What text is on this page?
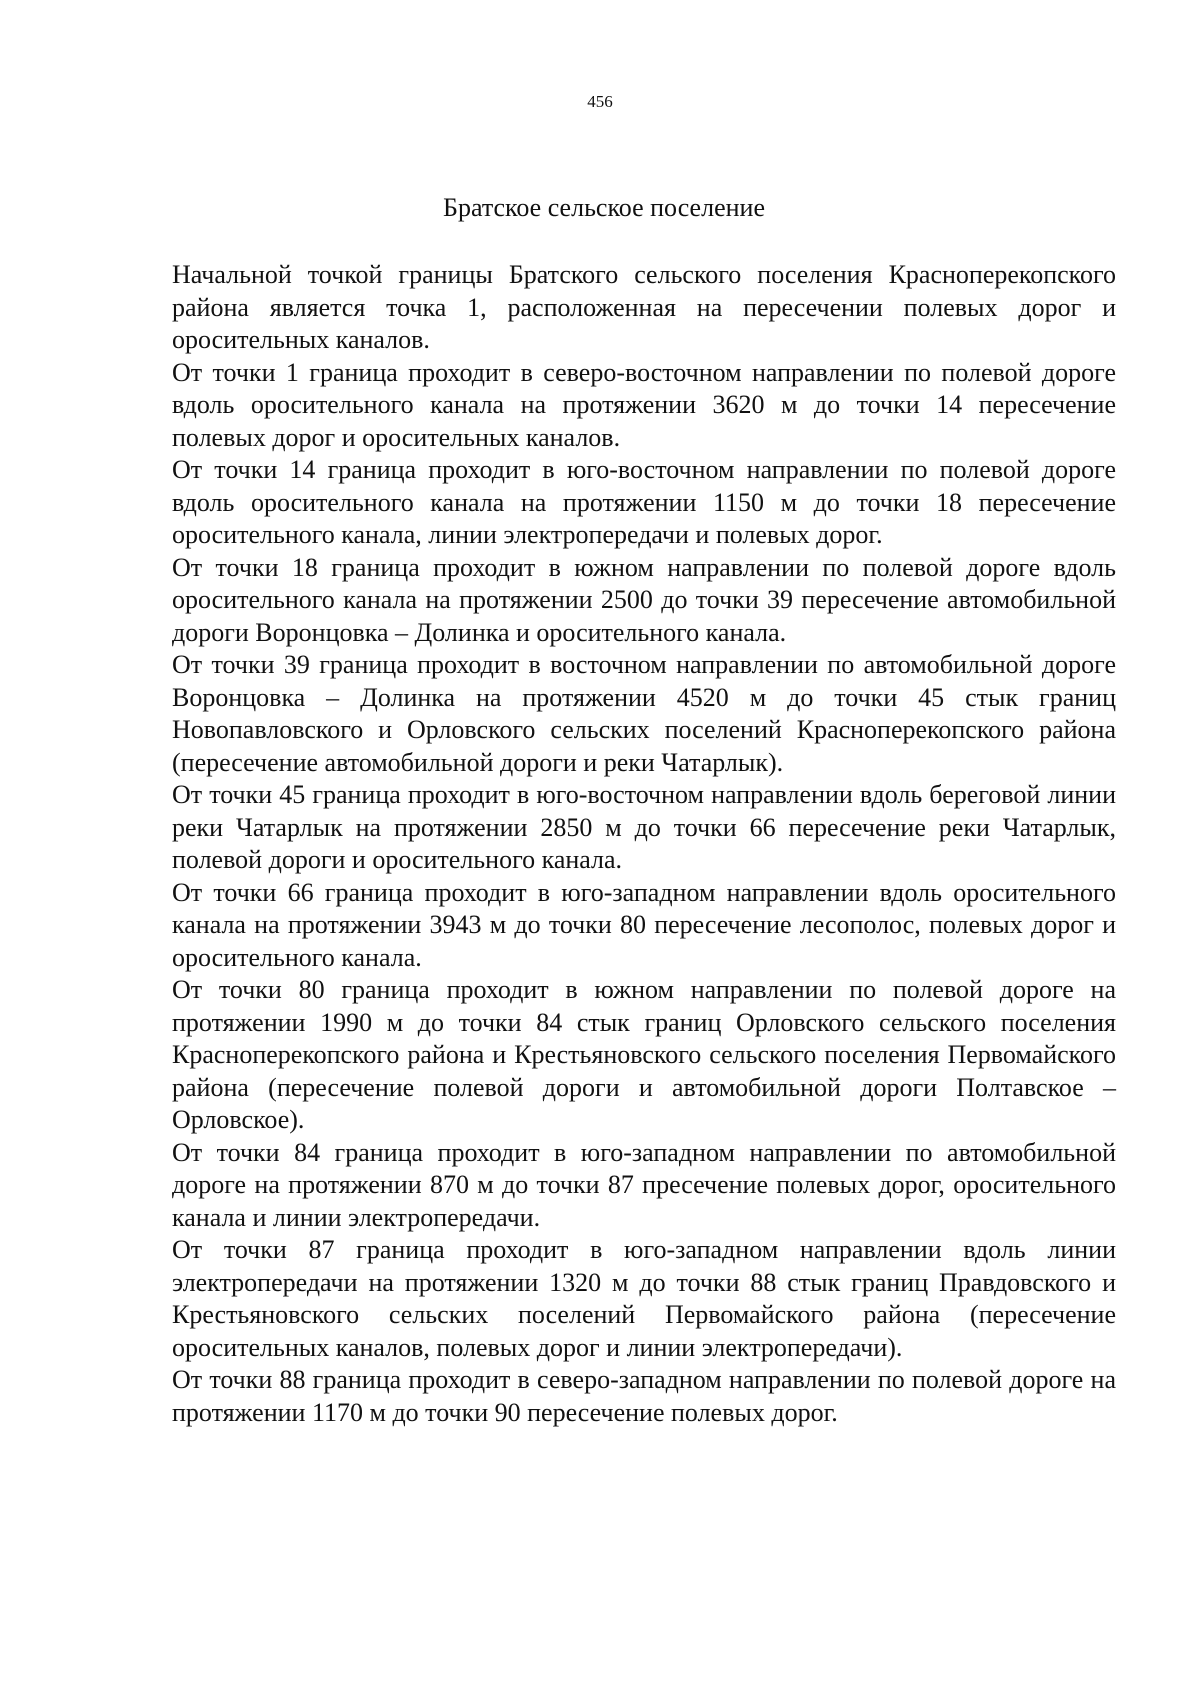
456
Братское сельское поселение

Начальной точкой границы Братского сельского поселения Красноперекопского района является точка 1, расположенная на пересечении полевых дорог и оросительных каналов.

От точки 1 граница проходит в северо-восточном направлении по полевой дороге вдоль оросительного канала на протяжении 3620 м до точки 14 пересечение полевых дорог и оросительных каналов.

От точки 14 граница проходит в юго-восточном направлении по полевой дороге вдоль оросительного канала на протяжении 1150 м до точки 18 пересечение оросительного канала, линии электропередачи и полевых дорог.

От точки 18 граница проходит в южном направлении по полевой дороге вдоль оросительного канала на протяжении 2500 до точки 39 пересечение автомобильной дороги Воронцовка – Долинка и оросительного канала.

От точки 39 граница проходит в восточном направлении по автомобильной дороге Воронцовка – Долинка на протяжении 4520 м до точки 45 стык границ Новопавловского и Орловского сельских поселений Красноперекопского района (пересечение автомобильной дороги и реки Чатарлык).

От точки 45 граница проходит в юго-восточном направлении вдоль береговой линии реки Чатарлык на протяжении 2850 м до точки 66 пересечение реки Чатарлык, полевой дороги и оросительного канала.

От точки 66 граница проходит в юго-западном направлении вдоль оросительного канала на протяжении 3943 м до точки 80 пересечение лесополос, полевых дорог и оросительного канала.

От точки 80 граница проходит в южном направлении по полевой дороге на протяжении 1990 м до точки 84 стык границ Орловского сельского поселения Красноперекопского района и Крестьяновского сельского поселения Первомайского района (пересечение полевой дороги и автомобильной дороги Полтавское – Орловское).

От точки 84 граница проходит в юго-западном направлении по автомобильной дороге на протяжении 870 м до точки 87 пресечение полевых дорог, оросительного канала и линии электропередачи.

От точки 87 граница проходит в юго-западном направлении вдоль линии электропередачи на протяжении 1320 м до точки 88 стык границ Правдовского и Крестьяновского сельских поселений Первомайского района (пересечение оросительных каналов, полевых дорог и линии электропередачи).

От точки 88 граница проходит в северо-западном направлении по полевой дороге на протяжении 1170 м до точки 90 пересечение полевых дорог.
